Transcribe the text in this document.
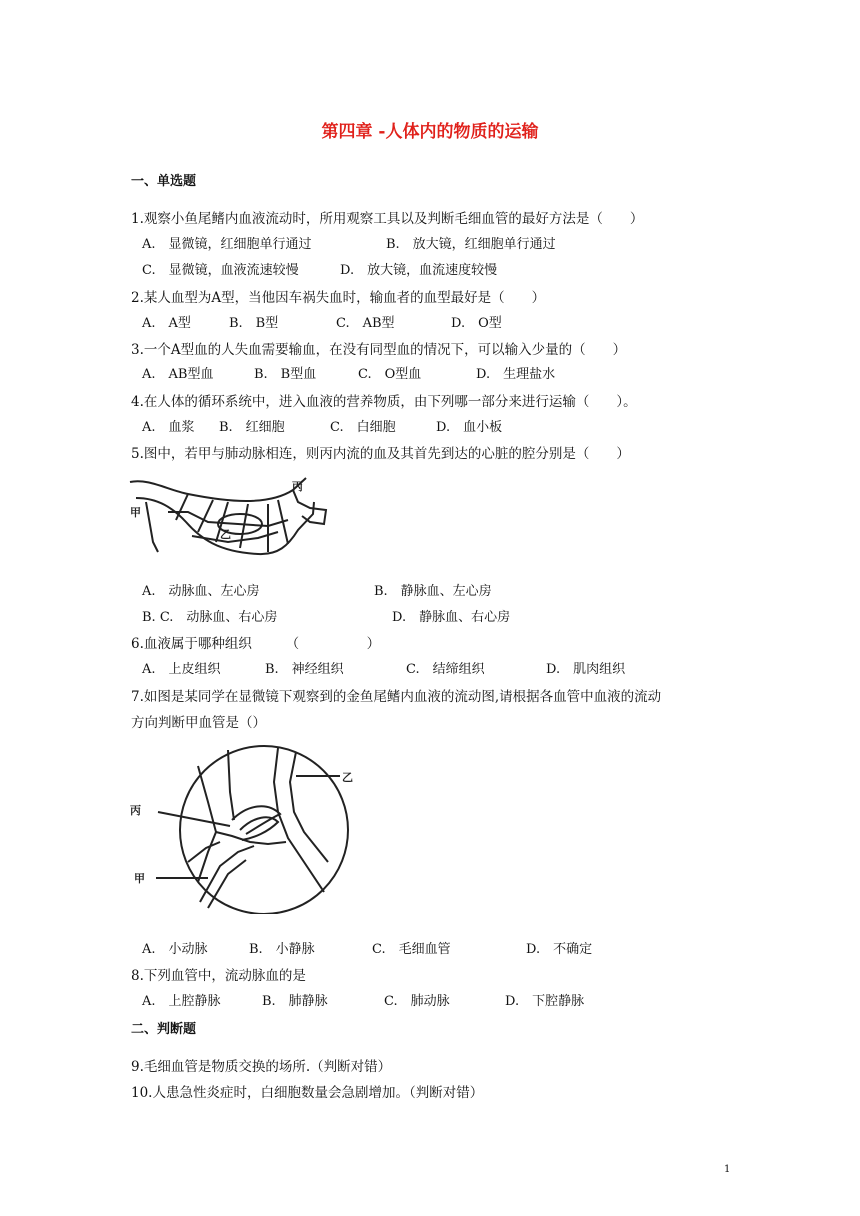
第四章 -人体内的物质的运输
一、单选题
1.观察小鱼尾鳍内血液流动时，所用观察工具以及判断毛细血管的最好方法是（　　）
A.　显微镜，红细胞单行通过	B.　放大镜，红细胞单行通过
C.　显微镜，血液流速较慢	D.　放大镜，血流速度较慢
2.某人血型为A型，当他因车祸失血时，输血者的血型最好是（　　）
A.　A型	B.　B型	C.　AB型	D.　O型
3.一个A型血的人失血需要输血，在没有同型血的情况下，可以输入少量的（　　）
A.　AB型血	B.　B型血	C.　O型血	D.　生理盐水
4.在人体的循环系统中，进入血液的营养物质，由下列哪一部分来进行运输（　　）。
A.　血浆 B.　红细胞	C.　白细胞	D.　血小板
5.图中，若甲与肺动脉相连，则丙内流的血及其首先到达的心脏的腔分别是（　　）
甲
乙
丙
A.　动脉血、左心房	B.　静脉血、左心房
B. C.　动脉血、右心房	D.　静脉血、右心房
6.血液属于哪种组织　　　（　　　　　）
A.　上皮组织	B.　神经组织	C.　结缔组织	D.　肌肉组织
7.如图是某同学在显微镜下观察到的金鱼尾鳍内血液的流动图,请根据各血管中血液的流动
方向判断甲血管是（）
乙
丙
甲
A.　小动脉	B.　小静脉	C.　毛细血管	D.　不确定
8.下列血管中，流动脉血的是
A.　上腔静脉	B.　肺静脉	C.　肺动脉	D.　下腔静脉
二、判断题
9.毛细血管是物质交换的场所.（判断对错）
10.人患急性炎症时，白细胞数量会急剧增加。（判断对错）
1
